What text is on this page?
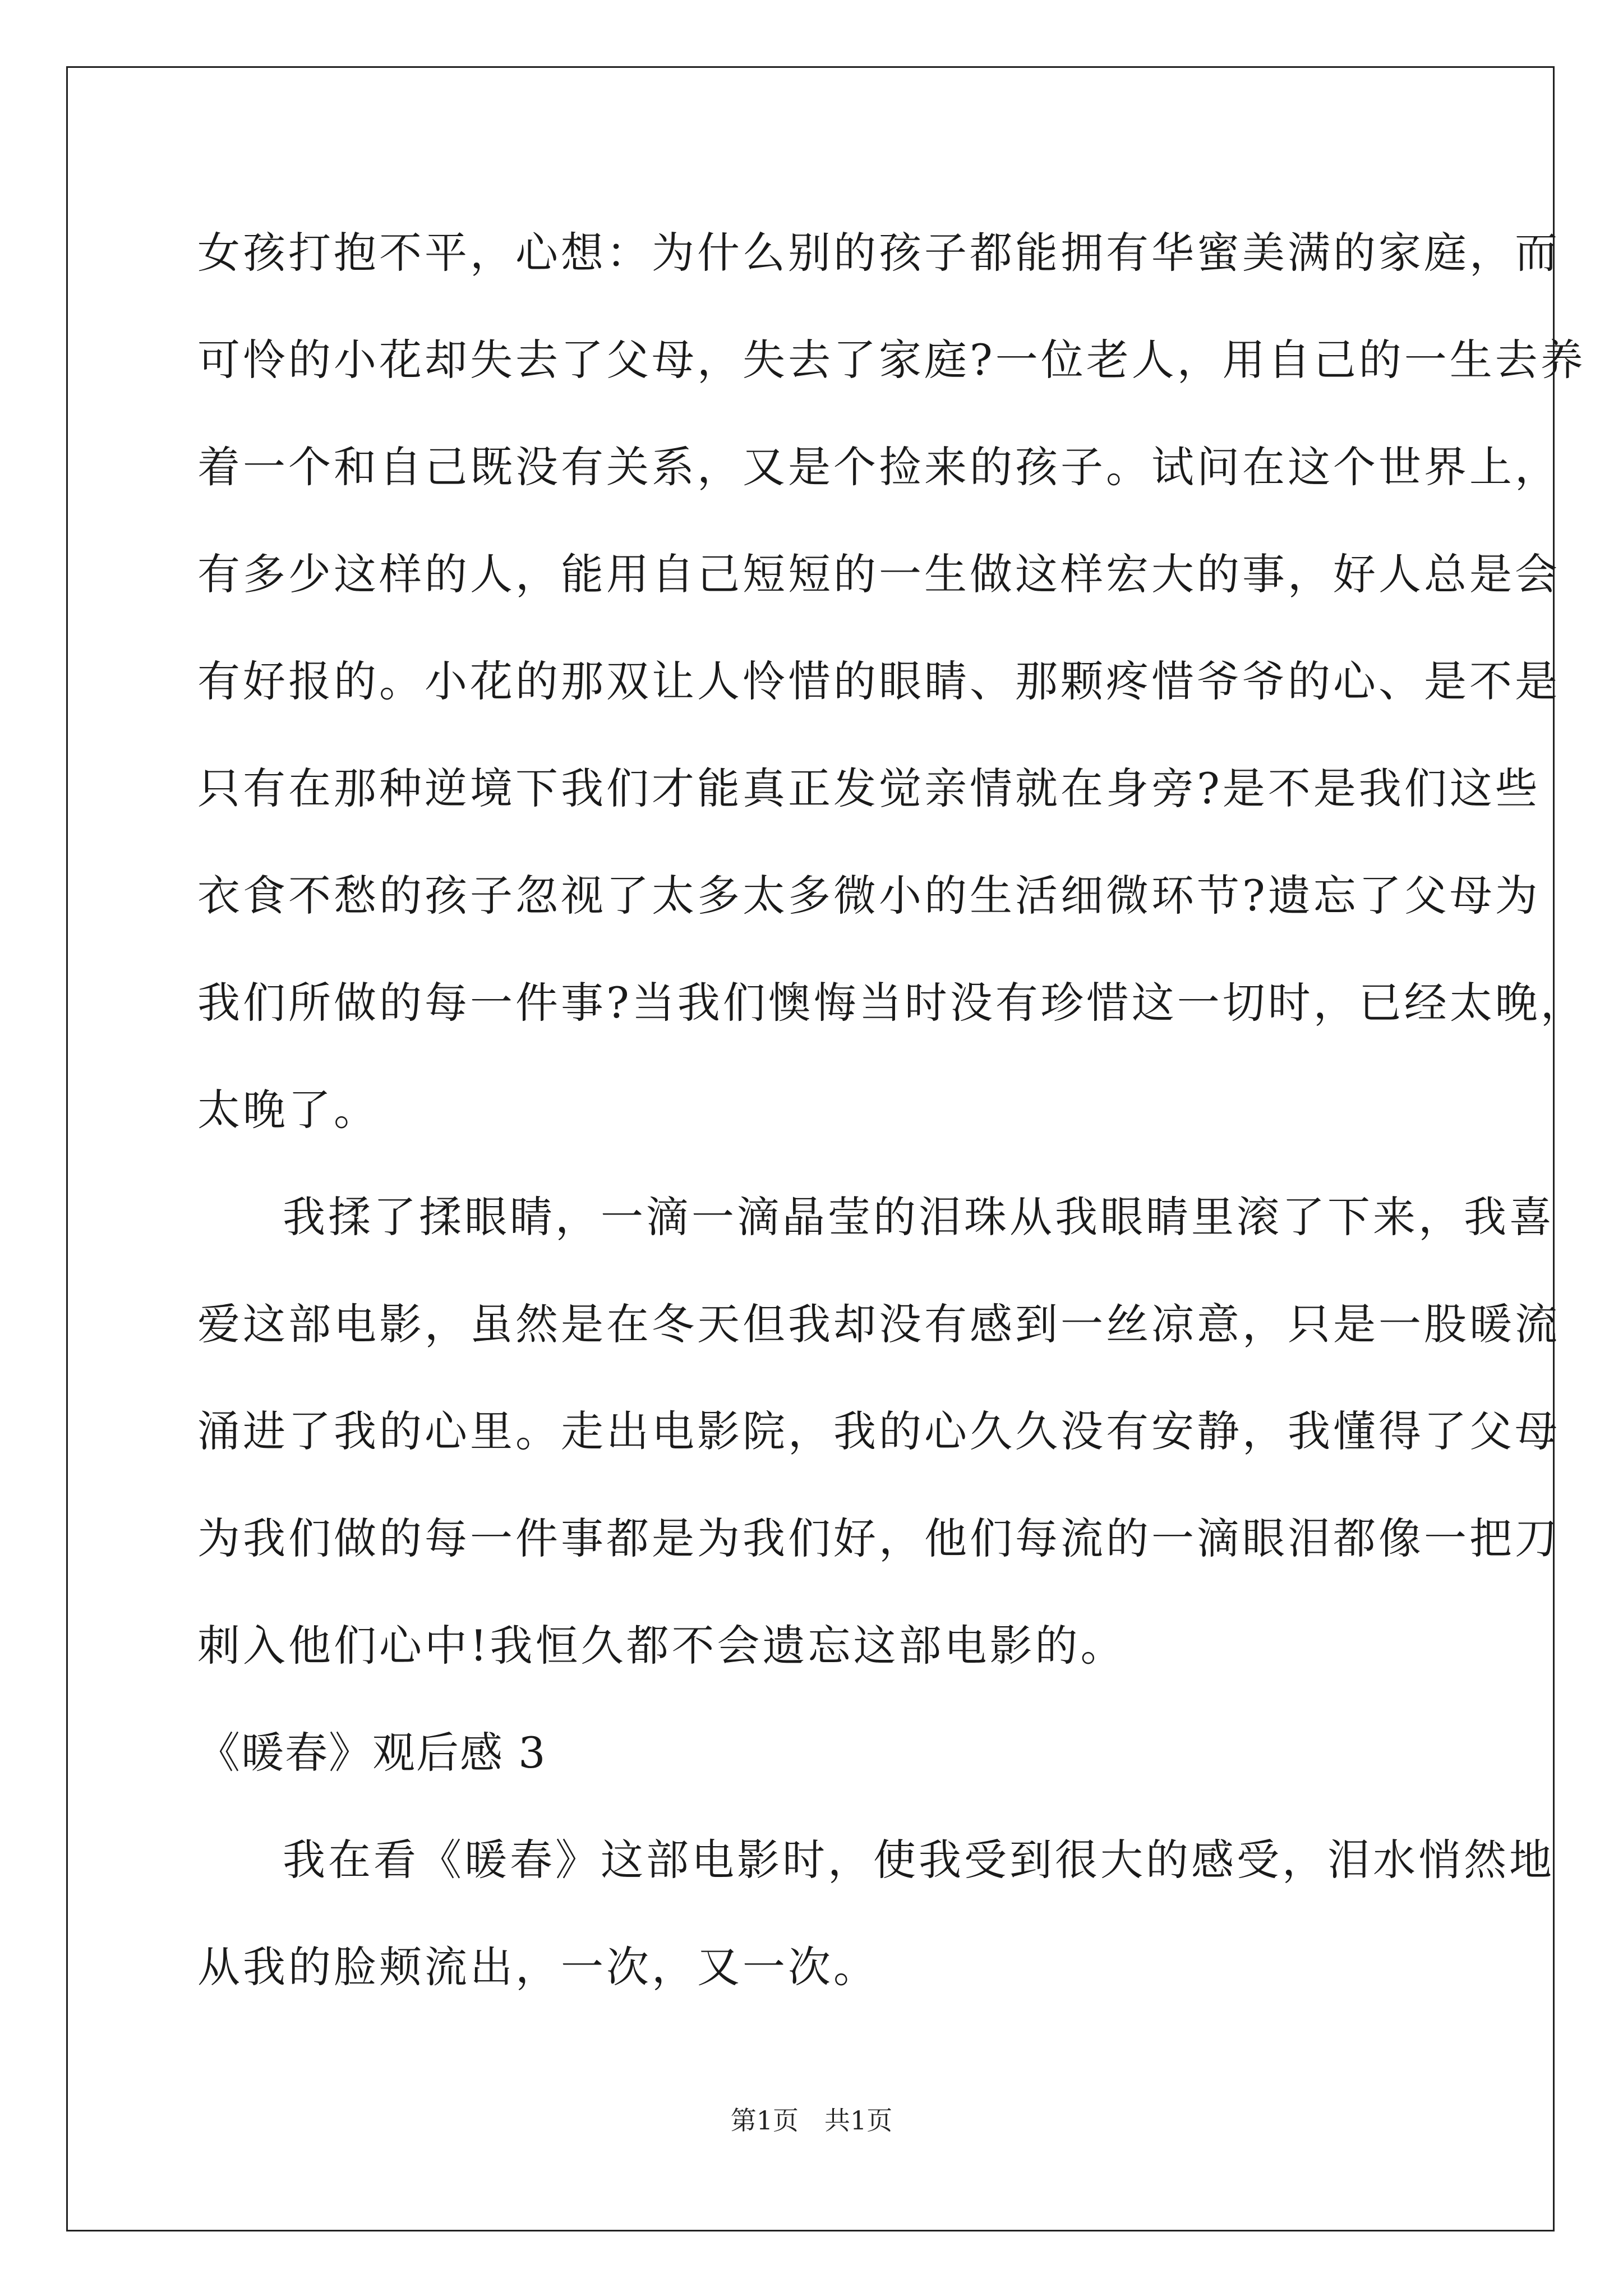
女孩打抱不平，心想：为什么别的孩子都能拥有华蜜美满的家庭，而
可怜的小花却失去了父母，失去了家庭?一位老人，用自己的一生去养
着一个和自己既没有关系，又是个捡来的孩子。试问在这个世界上，
有多少这样的人，能用自己短短的一生做这样宏大的事，好人总是会
有好报的。小花的那双让人怜惜的眼睛、那颗疼惜爷爷的心、是不是
只有在那种逆境下我们才能真正发觉亲情就在身旁?是不是我们这些
衣食不愁的孩子忽视了太多太多微小的生活细微环节?遗忘了父母为
我们所做的每一件事?当我们懊悔当时没有珍惜这一切时，已经太晚，
太晚了。
我揉了揉眼睛，一滴一滴晶莹的泪珠从我眼睛里滚了下来，我喜
爱这部电影，虽然是在冬天但我却没有感到一丝凉意，只是一股暖流
涌进了我的心里。走出电影院，我的心久久没有安静，我懂得了父母
为我们做的每一件事都是为我们好，他们每流的一滴眼泪都像一把刀
刺入他们心中!我恒久都不会遗忘这部电影的。
《暖春》观后感 3
我在看《暖春》这部电影时，使我受到很大的感受，泪水悄然地
从我的脸颊流出，一次，又一次。
第1页　共1页
